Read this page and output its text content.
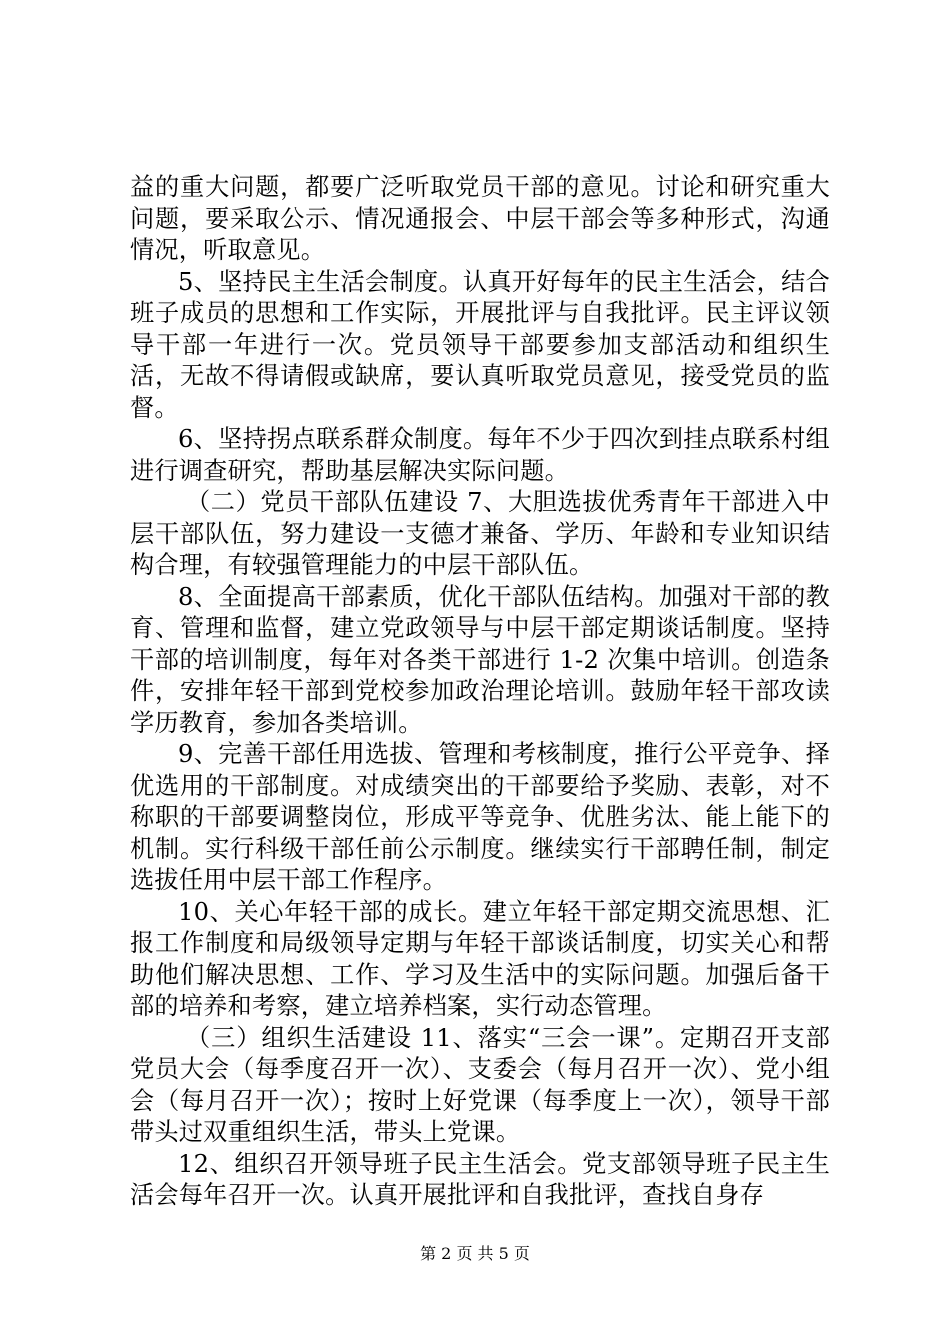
益的重大问题，都要广泛听取党员干部的意见。讨论和研究重大问题，要采取公示、情况通报会、中层干部会等多种形式，沟通情况，听取意见。

5、坚持民主生活会制度。认真开好每年的民主生活会，结合班子成员的思想和工作实际，开展批评与自我批评。民主评议领导干部一年进行一次。党员领导干部要参加支部活动和组织生活，无故不得请假或缺席，要认真听取党员意见，接受党员的监督。

6、坚持拐点联系群众制度。每年不少于四次到挂点联系村组进行调查研究，帮助基层解决实际问题。

（二）党员干部队伍建设 7、大胆选拔优秀青年干部进入中层干部队伍，努力建设一支德才兼备、学历、年龄和专业知识结构合理，有较强管理能力的中层干部队伍。

8、全面提高干部素质，优化干部队伍结构。加强对干部的教育、管理和监督，建立党政领导与中层干部定期谈话制度。坚持干部的培训制度，每年对各类干部进行 1-2 次集中培训。创造条件，安排年轻干部到党校参加政治理论培训。鼓励年轻干部攻读学历教育，参加各类培训。

9、完善干部任用选拔、管理和考核制度，推行公平竞争、择优选用的干部制度。对成绩突出的干部要给予奖励、表彰，对不称职的干部要调整岗位，形成平等竞争、优胜劣汰、能上能下的机制。实行科级干部任前公示制度。继续实行干部聘任制，制定选拔任用中层干部工作程序。

10、关心年轻干部的成长。建立年轻干部定期交流思想、汇报工作制度和局级领导定期与年轻干部谈话制度，切实关心和帮助他们解决思想、工作、学习及生活中的实际问题。加强后备干部的培养和考察，建立培养档案，实行动态管理。

（三）组织生活建设 11、落实“三会一课”。定期召开支部党员大会（每季度召开一次）、支委会（每月召开一次）、党小组会（每月召开一次）；按时上好党课（每季度上一次），领导干部带头过双重组织生活，带头上党课。

12、组织召开领导班子民主生活会。党支部领导班子民主生活会每年召开一次。认真开展批评和自我批评，查找自身存

第 2 页 共 5 页
